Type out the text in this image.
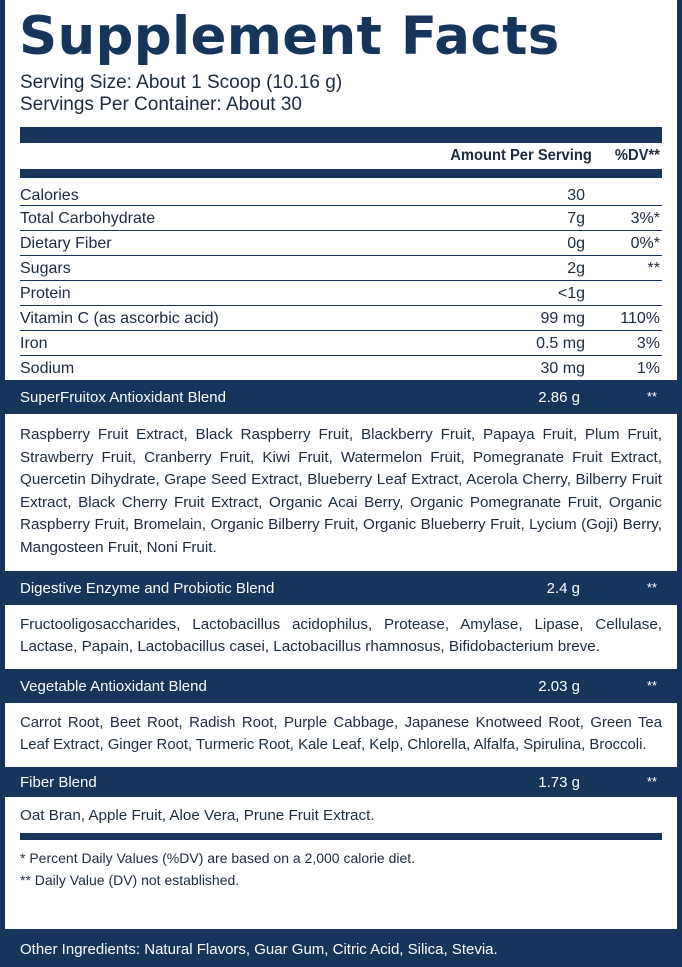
Supplement Facts
Serving Size: About 1 Scoop (10.16 g)
Servings Per Container: About 30
Amount Per Serving %DV**
Calories	30
Total Carbohydrate	7g	3%*
Dietary Fiber	0g	0%*
Sugars	2g	**
Protein	<1g
Vitamin C (as ascorbic acid)	99 mg 110%
Iron	0.5 mg	3%
Sodium	30 mg	1%
SuperFruitox Antioxidant Blend	2.86 g	**
Raspberry Fruit Extract, Black Raspberry Fruit, Blackberry Fruit, Papaya Fruit, Plum Fruit, Strawberry Fruit, Cranberry Fruit, Kiwi Fruit, Watermelon Fruit, Pomegranate Fruit Extract, Quercetin Dihydrate, Grape Seed Extract, Blueberry Leaf Extract, Acerola Cherry, Bilberry Fruit Extract, Black Cherry Fruit Extract, Organic Acai Berry, Organic Pomegranate Fruit, Organic Raspberry Fruit, Bromelain, Organic Bilberry Fruit, Organic Blueberry Fruit, Lycium (Goji) Berry, Mangosteen Fruit, Noni Fruit.
Digestive Enzyme and Probiotic Blend	2.4 g	**
Fructooligosaccharides, Lactobacillus acidophilus, Protease, Amylase, Lipase, Cellulase, Lactase, Papain, Lactobacillus casei, Lactobacillus rhamnosus, Bifidobacterium breve.
Vegetable Antioxidant Blend	2.03 g	**
Carrot Root, Beet Root, Radish Root, Purple Cabbage, Japanese Knotweed Root, Green Tea Leaf Extract, Ginger Root, Turmeric Root, Kale Leaf, Kelp, Chlorella, Alfalfa, Spirulina, Broccoli.
Fiber Blend	1.73 g	**
Oat Bran, Apple Fruit, Aloe Vera, Prune Fruit Extract.
* Percent Daily Values (%DV) are based on a 2,000 calorie diet.
** Daily Value (DV) not established.
Other Ingredients: Natural Flavors, Guar Gum, Citric Acid, Silica, Stevia.
